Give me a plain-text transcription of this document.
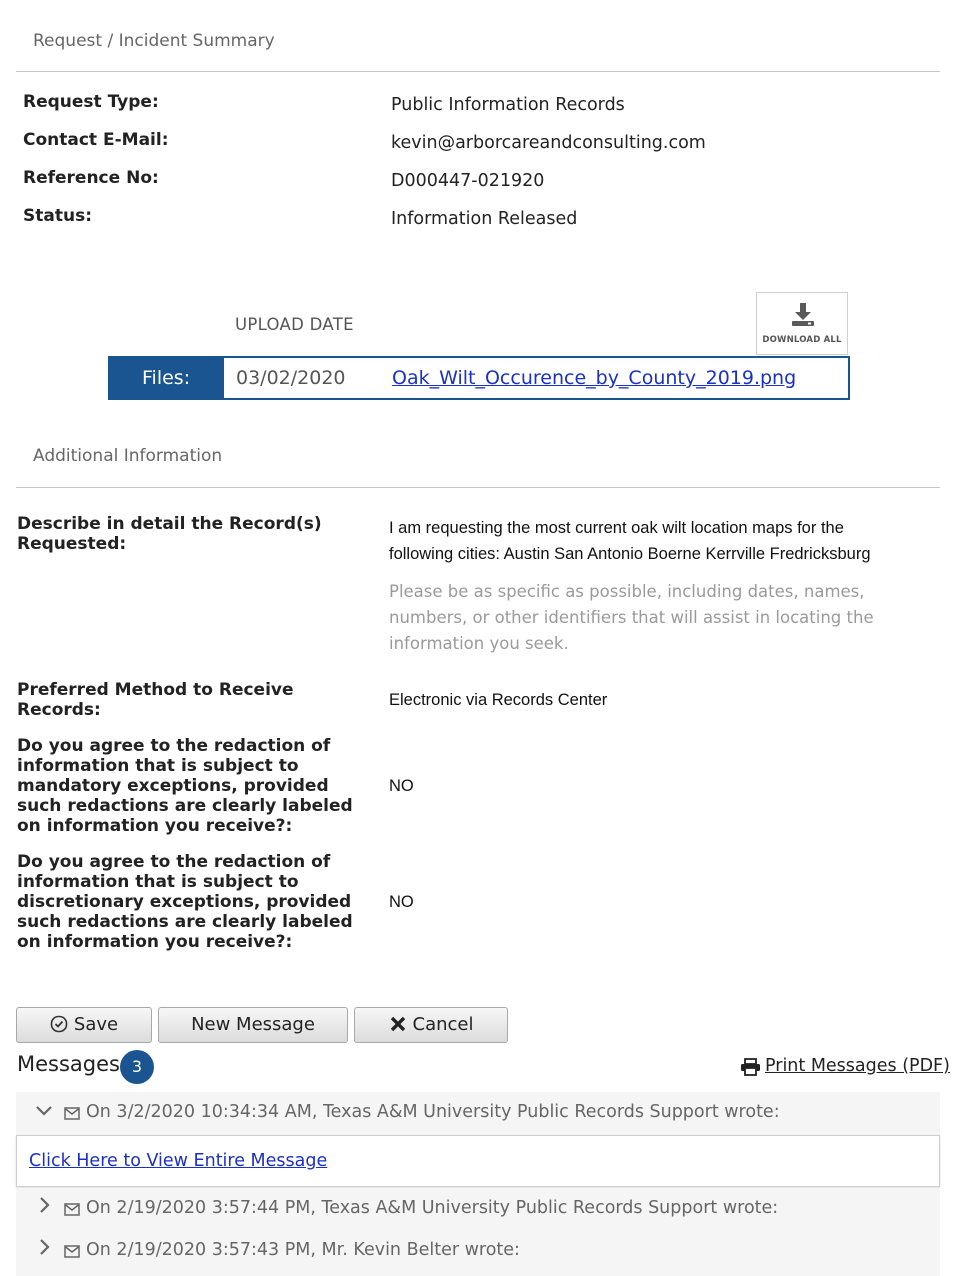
Request / Incident Summary
Request Type:	Public Information Records
Contact E-Mail:	kevin@arborcareandconsulting.com
Reference No:	D000447-021920
Status:	Information Released
UPLOAD DATE
DOWNLOAD ALL
Files:	03/02/2020 Oak_Wilt_Occurence_by_County_2019.png
Additional Information
Describe in detail the Record(s) Requested:
I am requesting the most current oak wilt location maps for the
following cities: Austin San Antonio Boerne Kerrville Fredricksburg
Please be as specific as possible, including dates, names, numbers, or other identifiers that will assist in locating the information you seek.
Preferred Method to Receive Records:	Electronic via Records Center
Do you agree to the redaction of information that is subject to mandatory exceptions, provided such redactions are clearly labeled on information you receive?:
NO
Do you agree to the redaction of information that is subject to discretionary exceptions, provided such redactions are clearly labeled on information you receive?:
NO
Save	New Message	Cancel
Messages 3	Print Messages (PDF)
On 3/2/2020 10:34:34 AM, Texas A&M University Public Records Support wrote:
Click Here to View Entire Message
On 2/19/2020 3:57:44 PM, Texas A&M University Public Records Support wrote:
On 2/19/2020 3:57:43 PM, Mr. Kevin Belter wrote:
